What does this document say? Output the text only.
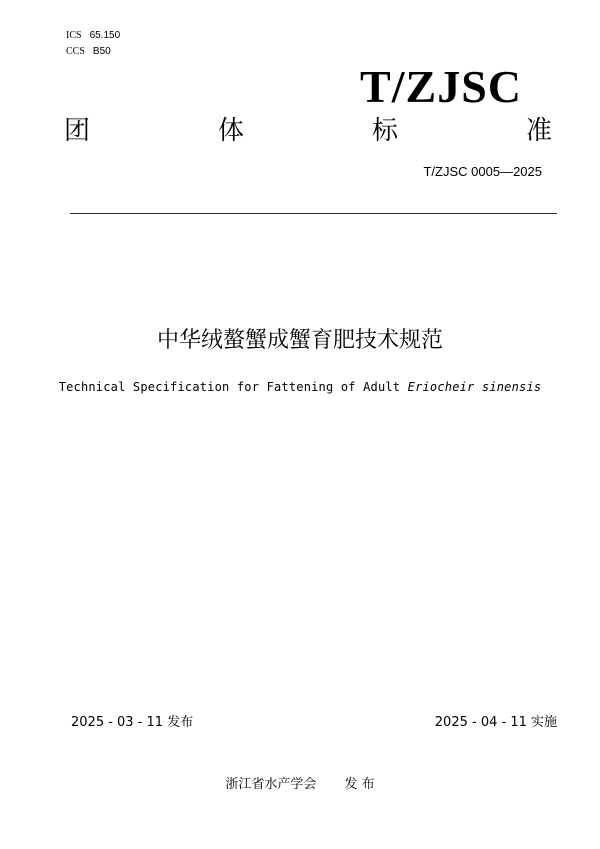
ICS 65.150
CCS B50
T/ZJSC
团	体	标	准
T/ZJSC 0005—2025
中华绒螯蟹成蟹育肥技术规范
Technical Specification for Fattening of Adult Eriocheir sinensis
2025 - 03 - 11 发布	2025 - 04 - 11 实施
浙江省水产学会 发 布
